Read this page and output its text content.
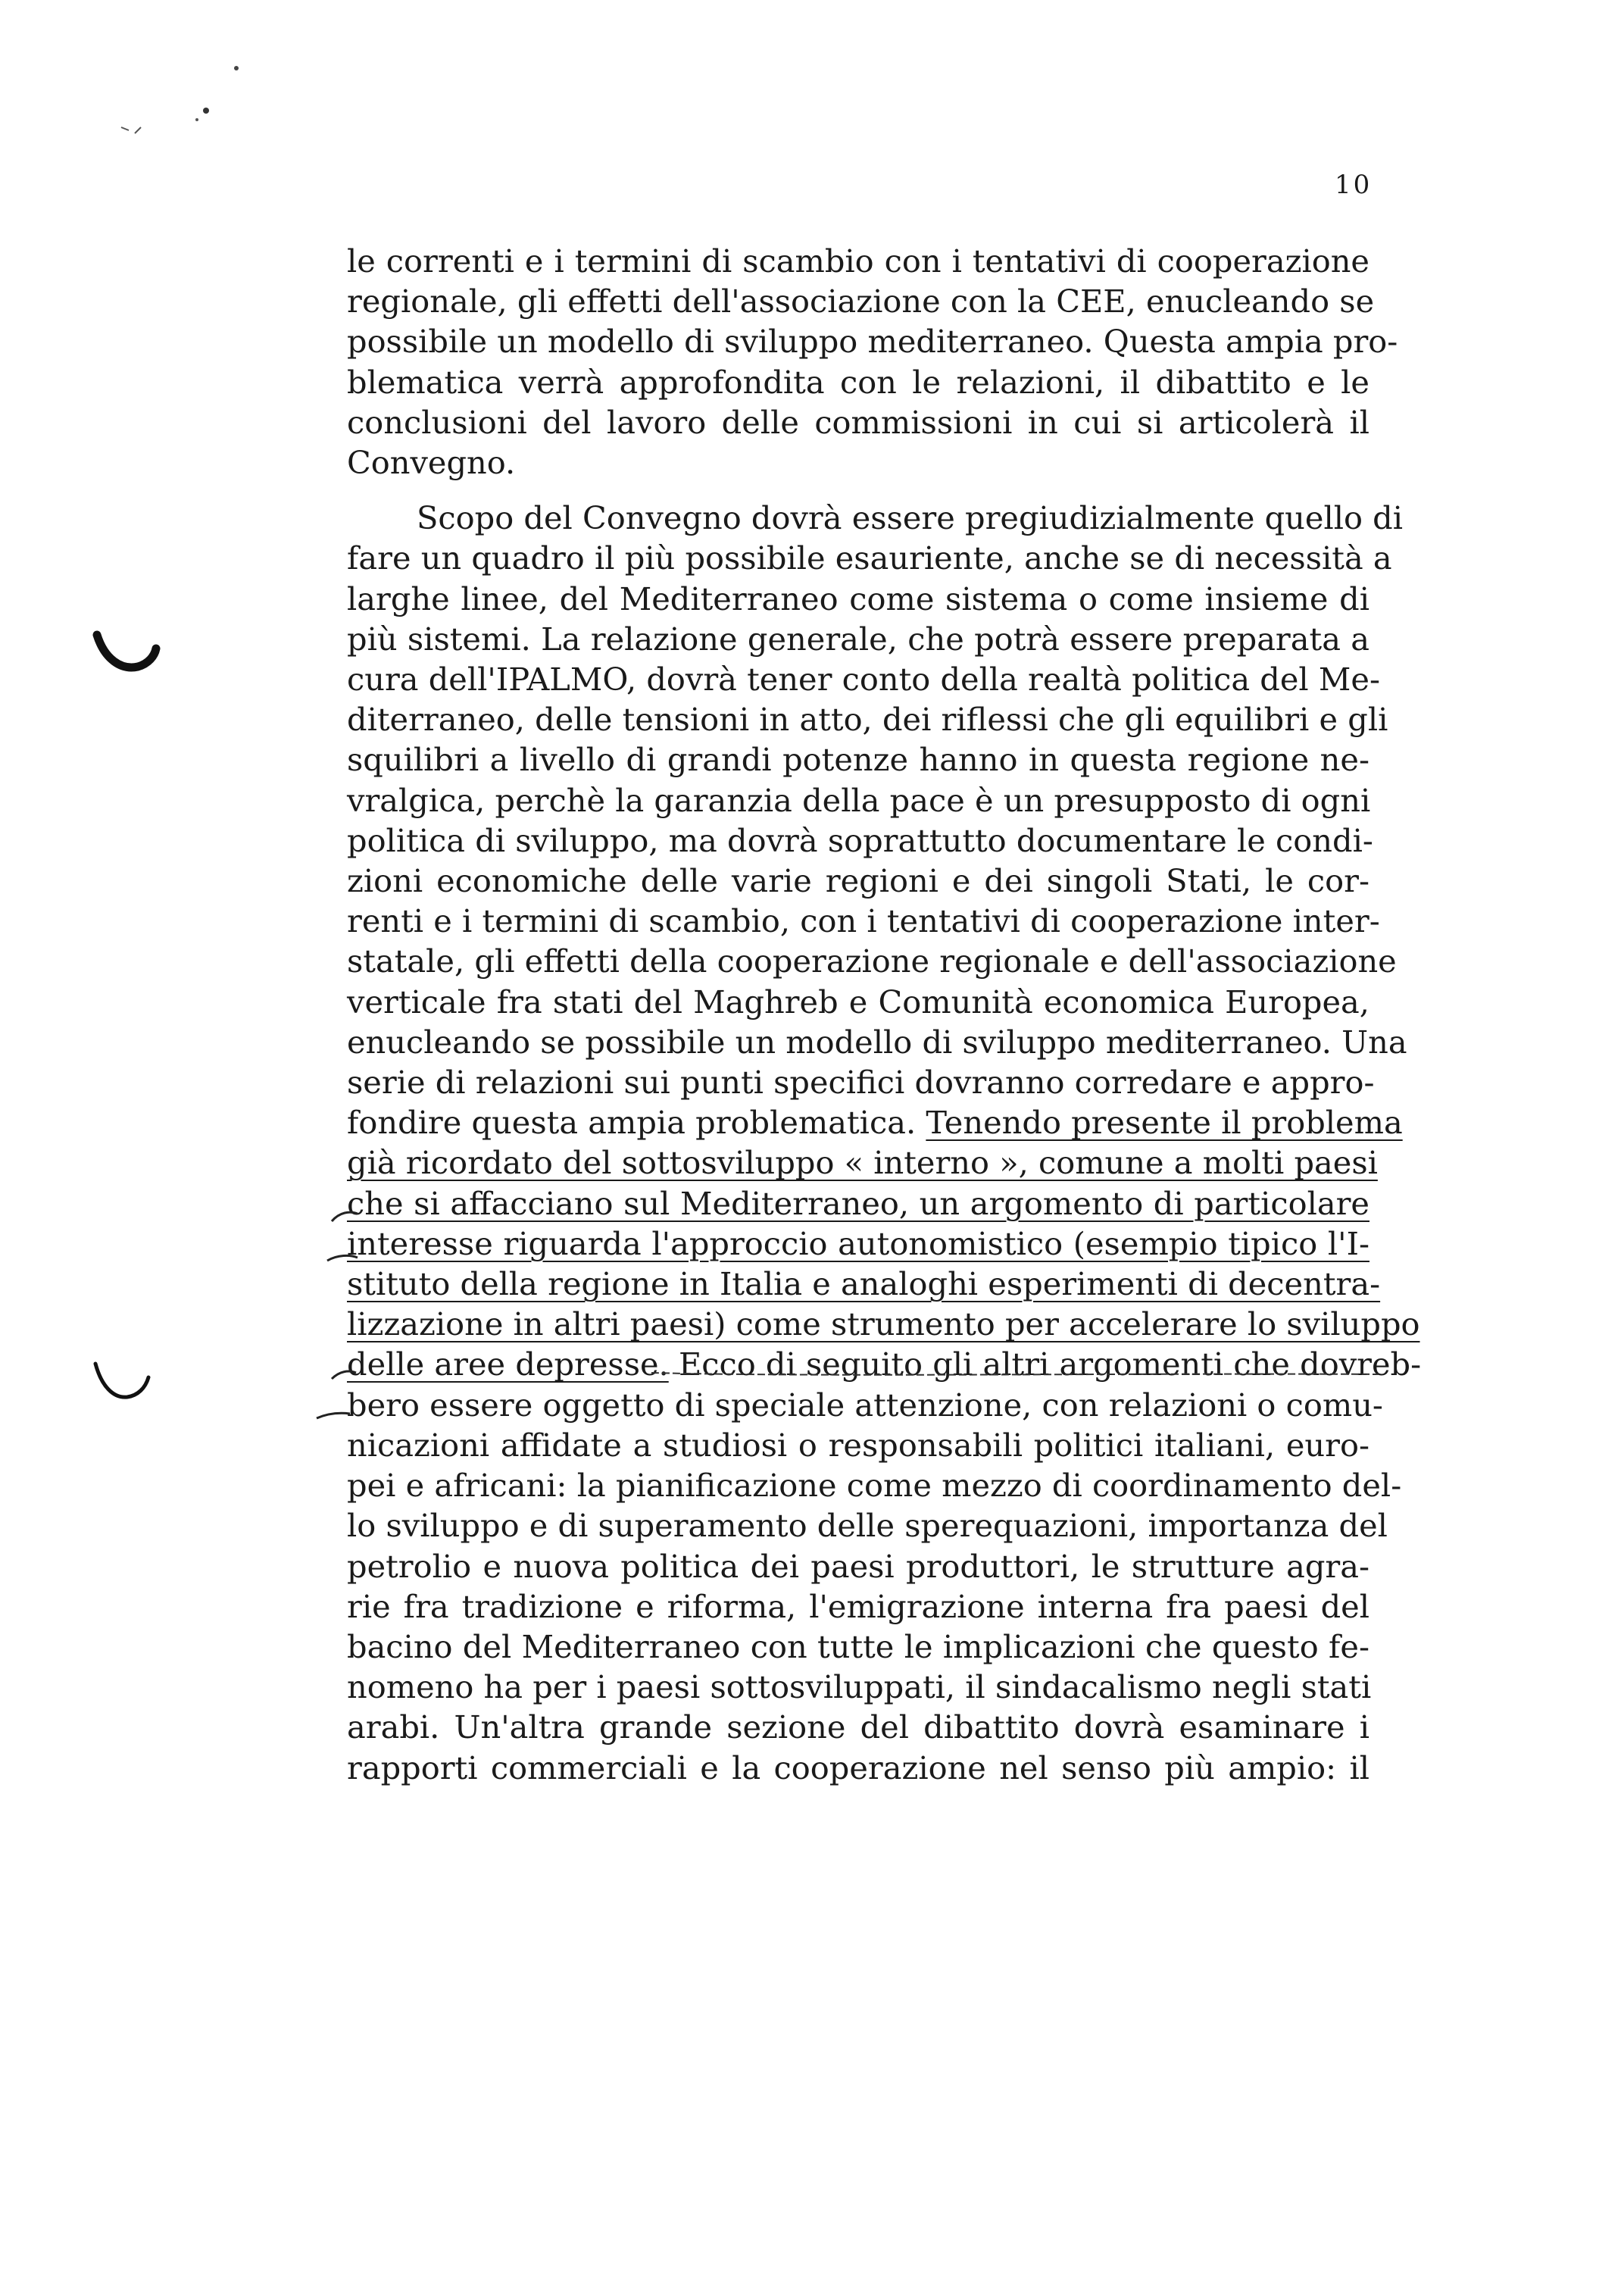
10

le correnti e i termini di scambio con i tentativi di cooperazione
regionale, gli effetti dell'associazione con la CEE, enucleando se
possibile un modello di sviluppo mediterraneo. Questa ampia pro-
blematica verrà approfondita con le relazioni, il dibattito e le
conclusioni del lavoro delle commissioni in cui si articolerà il
Convegno.

Scopo del Convegno dovrà essere pregiudizialmente quello di
fare un quadro il più possibile esauriente, anche se di necessità a
larghe linee, del Mediterraneo come sistema o come insieme di
più sistemi. La relazione generale, che potrà essere preparata a
cura dell'IPALMO, dovrà tener conto della realtà politica del Me-
diterraneo, delle tensioni in atto, dei riflessi che gli equilibri e gli
squilibri a livello di grandi potenze hanno in questa regione ne-
vralgica, perchè la garanzia della pace è un presupposto di ogni
politica di sviluppo, ma dovrà soprattutto documentare le condi-
zioni economiche delle varie regioni e dei singoli Stati, le cor-
renti e i termini di scambio, con i tentativi di cooperazione inter-
statale, gli effetti della cooperazione regionale e dell'associazione
verticale fra stati del Maghreb e Comunità economica Europea,
enucleando se possibile un modello di sviluppo mediterraneo. Una
serie di relazioni sui punti specifici dovranno corredare e appro-
fondire questa ampia problematica. Tenendo presente il problema
già ricordato del sottosviluppo « interno », comune a molti paesi
che si affacciano sul Mediterraneo, un argomento di particolare
interesse riguarda l'approccio autonomistico (esempio tipico l'I-
stituto della regione in Italia e analoghi esperimenti di decentra-
lizzazione in altri paesi) come strumento per accelerare lo sviluppo
delle aree depresse. Ecco di seguito gli altri argomenti che dovreb-
bero essere oggetto di speciale attenzione, con relazioni o comu-
nicazioni affidate a studiosi o responsabili politici italiani, euro-
pei e africani: la pianificazione come mezzo di coordinamento del-
lo sviluppo e di superamento delle sperequazioni, importanza del
petrolio e nuova politica dei paesi produttori, le strutture agra-
rie fra tradizione e riforma, l'emigrazione interna fra paesi del
bacino del Mediterraneo con tutte le implicazioni che questo fe-
nomeno ha per i paesi sottosviluppati, il sindacalismo negli stati
arabi. Un'altra grande sezione del dibattito dovrà esaminare i
rapporti commerciali e la cooperazione nel senso più ampio: il
